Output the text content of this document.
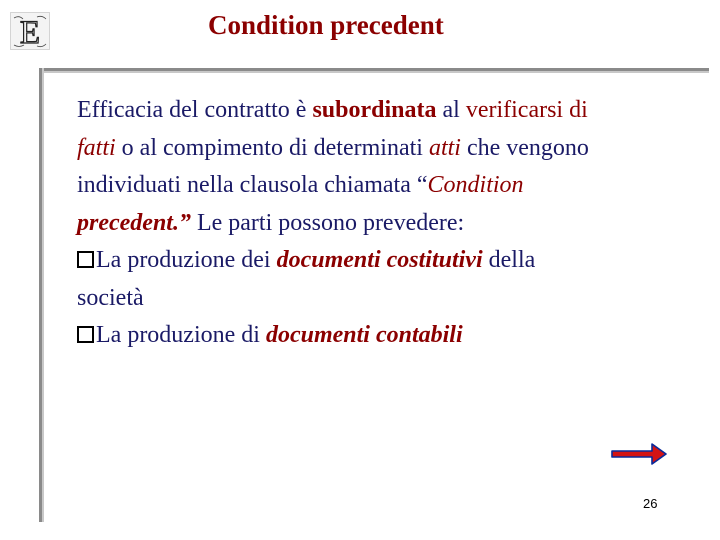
E	Condition precedent
Efficacia del contratto è subordinata al verificarsi di
fatti o al compimento di determinati atti che vengono
individuati nella clausola chiamata “Condition
precedent.” Le parti possono prevedere:
La produzione dei documenti costitutivi della
società
La produzione di documenti contabili
26
